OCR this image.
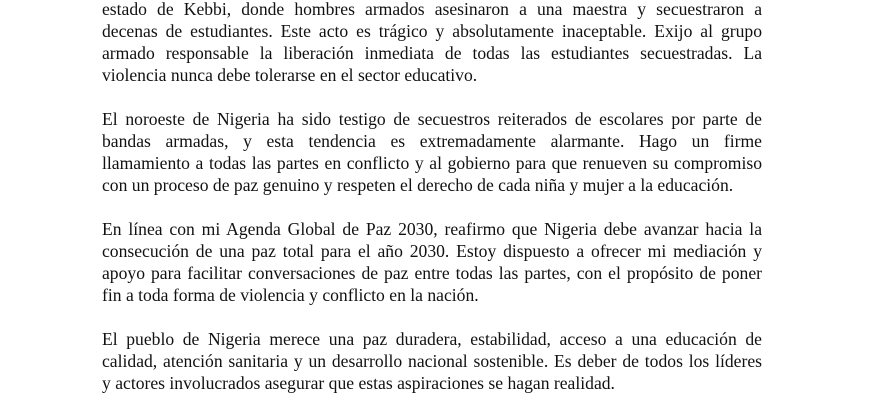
estado de Kebbi, donde hombres armados asesinaron a una maestra y secuestraron a
decenas de estudiantes. Este acto es trágico y absolutamente inaceptable. Exijo al grupo
armado responsable la liberación inmediata de todas las estudiantes secuestradas. La
violencia nunca debe tolerarse en el sector educativo.

El noroeste de Nigeria ha sido testigo de secuestros reiterados de escolares por parte de
bandas armadas, y esta tendencia es extremadamente alarmante. Hago un firme
llamamiento a todas las partes en conflicto y al gobierno para que renueven su compromiso
con un proceso de paz genuino y respeten el derecho de cada niña y mujer a la educación.

En línea con mi Agenda Global de Paz 2030, reafirmo que Nigeria debe avanzar hacia la
consecución de una paz total para el año 2030. Estoy dispuesto a ofrecer mi mediación y
apoyo para facilitar conversaciones de paz entre todas las partes, con el propósito de poner
fin a toda forma de violencia y conflicto en la nación.

El pueblo de Nigeria merece una paz duradera, estabilidad, acceso a una educación de
calidad, atención sanitaria y un desarrollo nacional sostenible. Es deber de todos los líderes
y actores involucrados asegurar que estas aspiraciones se hagan realidad.
